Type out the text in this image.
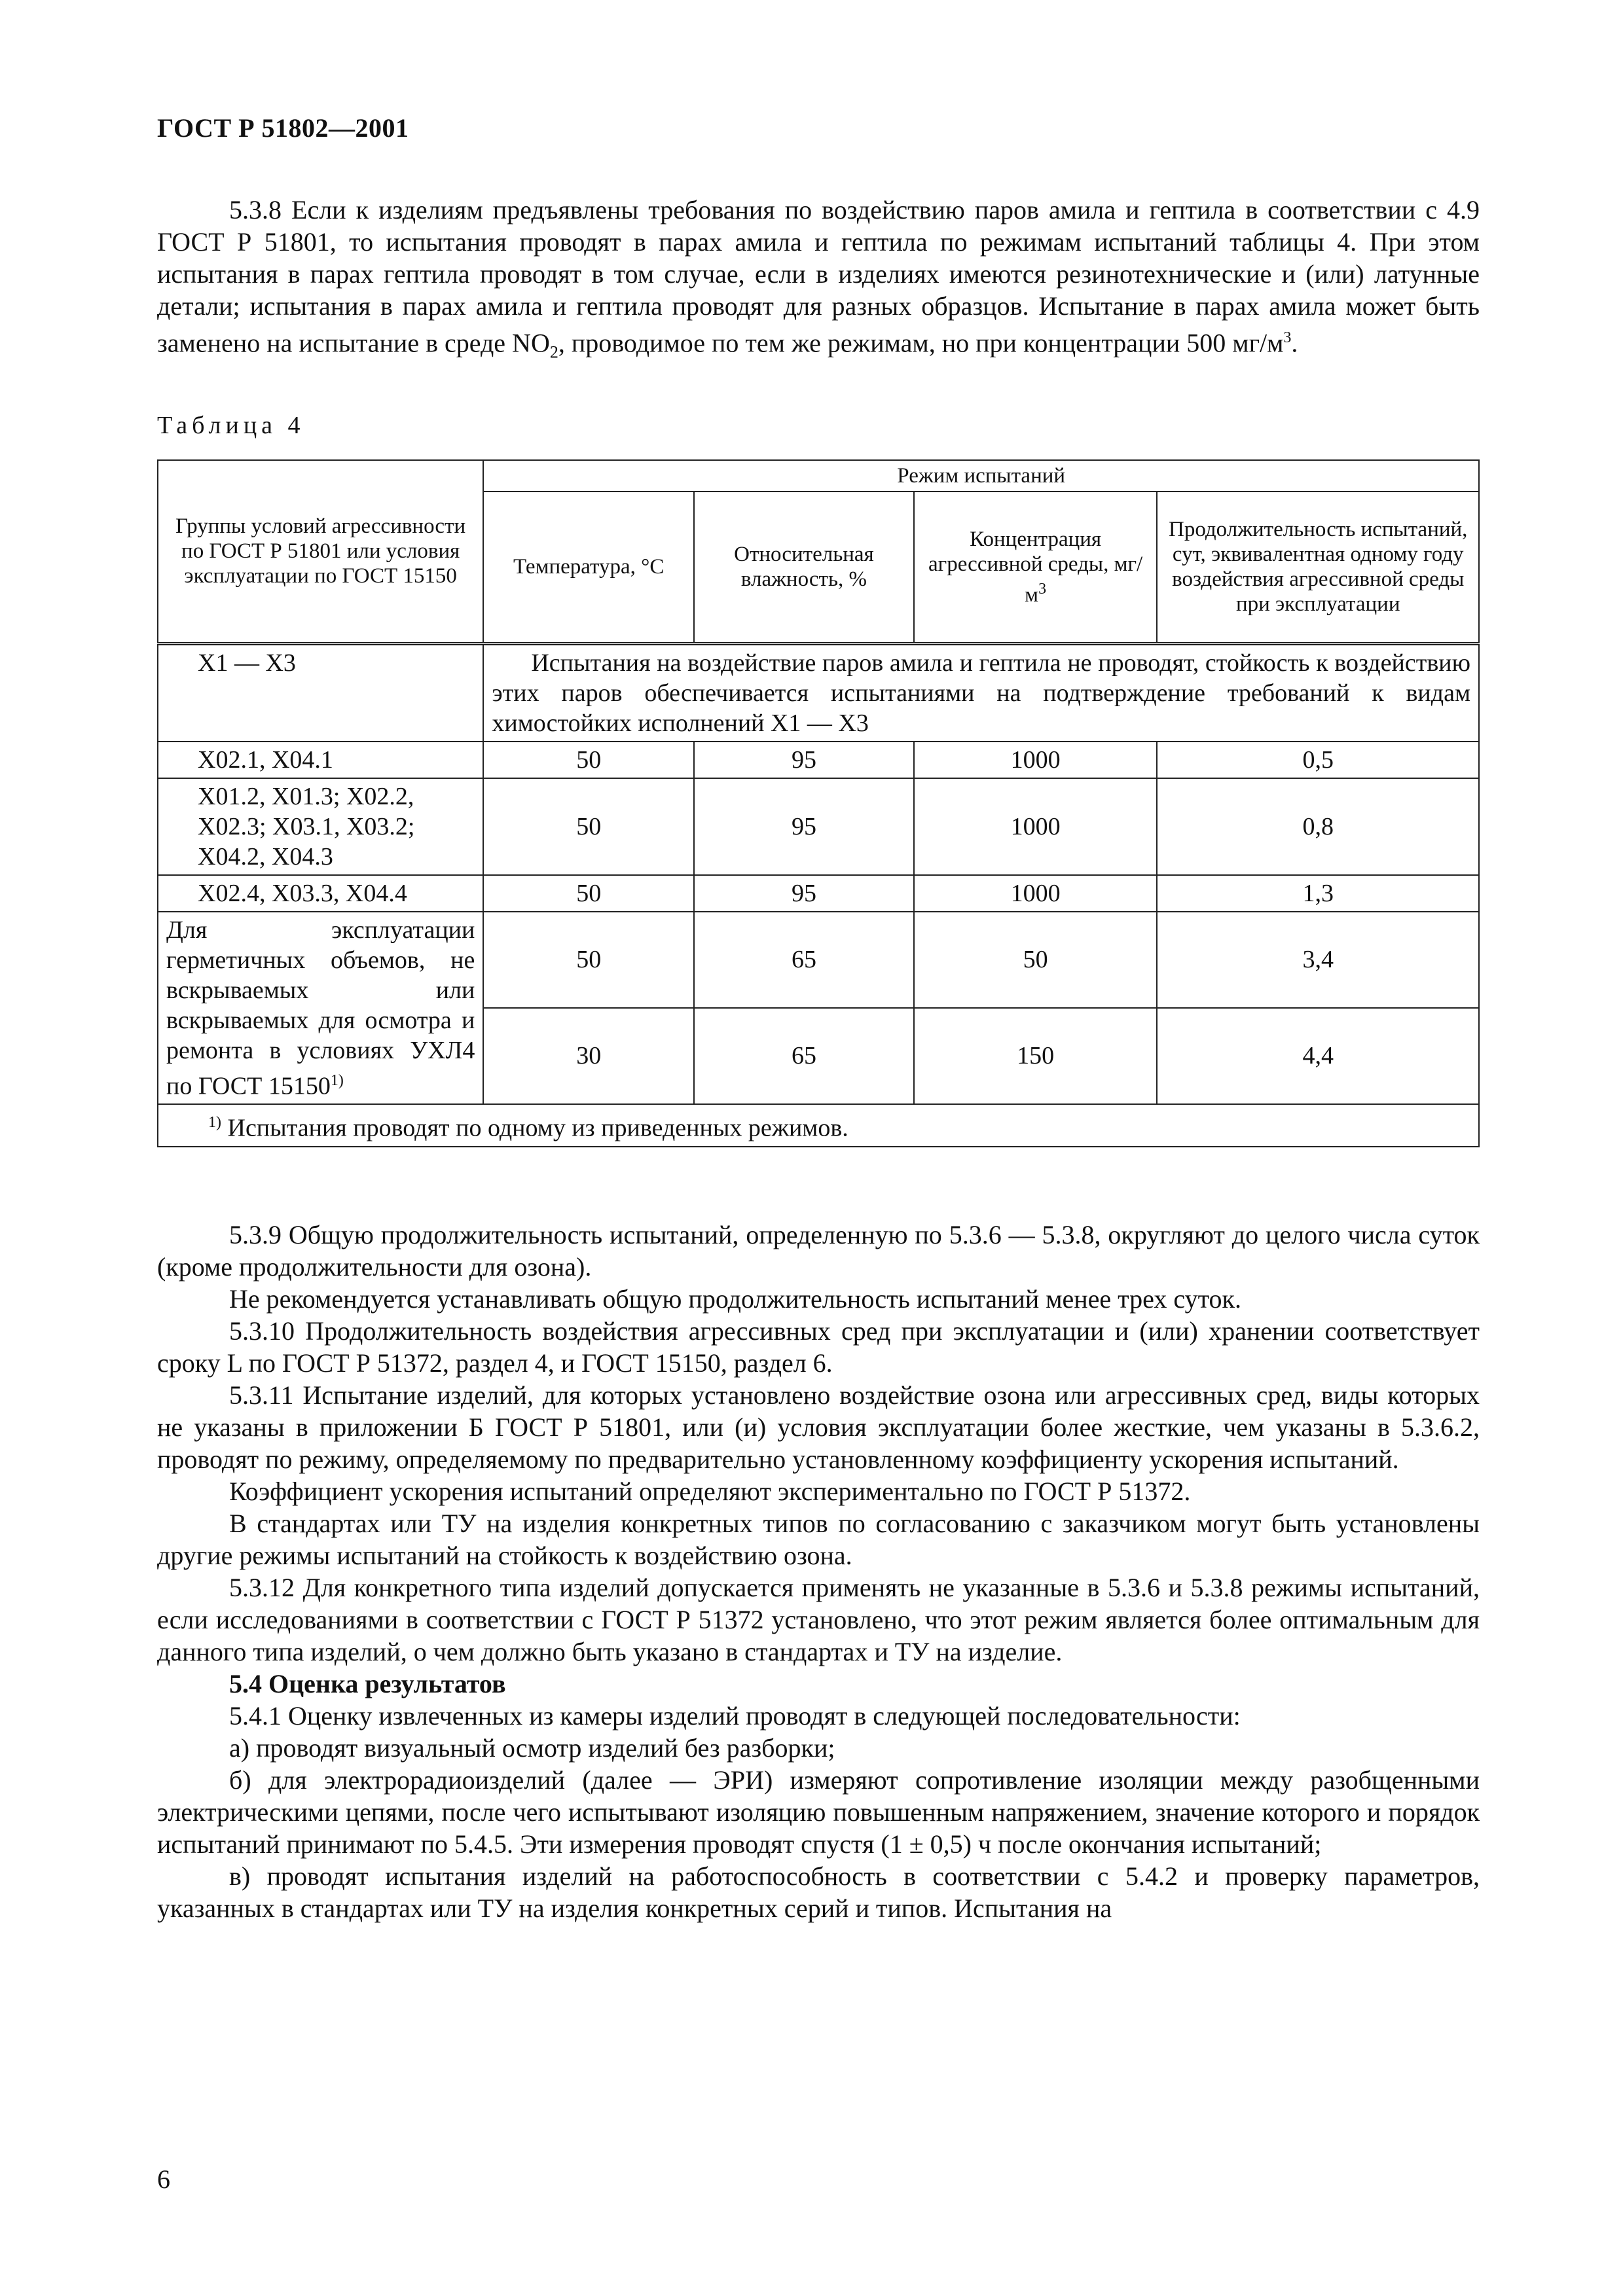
ГОСТ Р 51802—2001

5.3.8 Если к изделиям предъявлены требования по воздействию паров амила и гептила в соответствии с 4.9 ГОСТ Р 51801, то испытания проводят в парах амила и гептила по режимам испытаний таблицы 4. При этом испытания в парах гептила проводят в том случае, если в изделиях имеются резинотехнические и (или) латунные детали; испытания в парах амила и гептила проводят для разных образцов. Испытание в парах амила может быть заменено на испытание в среде $NO_2$, проводимое по тем же режимам, но при концентрации 500 $мг/м^3$.

Таблица 4
Группы условий агрессивности по ГОСТ Р 51801 или условия эксплуатации по ГОСТ 15150	Режим испытаний			
	Температура, °С	Относительная влажность, %	Концентрация агрессивной среды, $мг/м^3$	Продолжительность испытаний, сут, эквивалентная одному году воздействия агрессивной среды при эксплуатации
Х1 — Х3	Испытания на воздействие паров амила и гептила не проводят, стойкость к воздействию этих паров обеспечивается испытаниями на подтверждение требований к видам химостойких исполнений Х1 — Х3			
Х02.1, Х04.1	50	95	1000	0,5
Х01.2, Х01.3; Х02.2, Х02.3; Х03.1, Х03.2; Х04.2, Х04.3	50	95	1000	0,8
Х02.4, Х03.3, Х04.4	50	95	1000	1,3
Для эксплуатации герметичных объемов, не вскрываемых или вскрываемых для осмотра и ремонта в условиях УХЛ4 по ГОСТ 15150$^{1)}$	50	65	50	3,4
	30	65	150	4,4
$^{1)}$ Испытания проводят по одному из приведенных режимов.				

5.3.9 Общую продолжительность испытаний, определенную по 5.3.6 — 5.3.8, округляют до целого числа суток (кроме продолжительности для озона).

Не рекомендуется устанавливать общую продолжительность испытаний менее трех суток.

5.3.10 Продолжительность воздействия агрессивных сред при эксплуатации и (или) хранении соответствует сроку L по ГОСТ Р 51372, раздел 4, и ГОСТ 15150, раздел 6.

5.3.11 Испытание изделий, для которых установлено воздействие озона или агрессивных сред, виды которых не указаны в приложении Б ГОСТ Р 51801, или (и) условия эксплуатации более жесткие, чем указаны в 5.3.6.2, проводят по режиму, определяемому по предварительно установленному коэффициенту ускорения испытаний.

Коэффициент ускорения испытаний определяют экспериментально по ГОСТ Р 51372.

В стандартах или ТУ на изделия конкретных типов по согласованию с заказчиком могут быть установлены другие режимы испытаний на стойкость к воздействию озона.

5.3.12 Для конкретного типа изделий допускается применять не указанные в 5.3.6 и 5.3.8 режимы испытаний, если исследованиями в соответствии с ГОСТ Р 51372 установлено, что этот режим является более оптимальным для данного типа изделий, о чем должно быть указано в стандартах и ТУ на изделие.

5.4 Оценка результатов

5.4.1 Оценку извлеченных из камеры изделий проводят в следующей последовательности:

а) проводят визуальный осмотр изделий без разборки;

б) для электрорадиоизделий (далее — ЭРИ) измеряют сопротивление изоляции между разобщенными электрическими цепями, после чего испытывают изоляцию повышенным напряжением, значение которого и порядок испытаний принимают по 5.4.5. Эти измерения проводят спустя (1 ± 0,5) ч после окончания испытаний;

в) проводят испытания изделий на работоспособность в соответствии с 5.4.2 и проверку параметров, указанных в стандартах или ТУ на изделия конкретных серий и типов. Испытания на

6
